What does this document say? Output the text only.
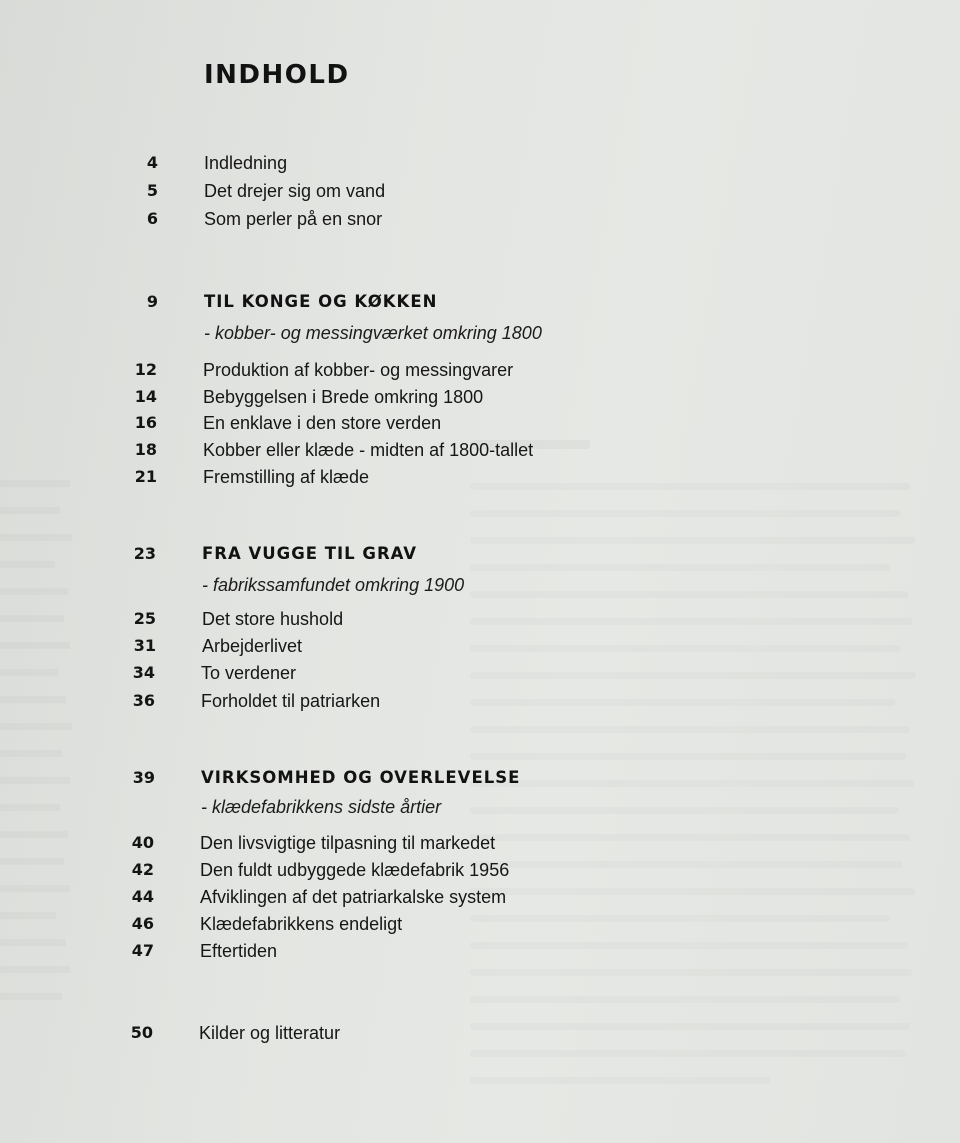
INDHOLD
4	Indledning
5	Det drejer sig om vand
6	Som perler på en snor
9	TIL KONGE OG KØKKEN
- kobber- og messingværket omkring 1800
12	Produktion af kobber- og messingvarer
14	Bebyggelsen i Brede omkring 1800
16	En enklave i den store verden
18	Kobber eller klæde - midten af 1800-tallet
21	Fremstilling af klæde
23	FRA VUGGE TIL GRAV
- fabrikssamfundet omkring 1900
25	Det store hushold
31	Arbejderlivet
34	To verdener
36	Forholdet til patriarken
39	VIRKSOMHED OG OVERLEVELSE
- klædefabrikkens sidste årtier
40	Den livsvigtige tilpasning til markedet
42	Den fuldt udbyggede klædefabrik 1956
44	Afviklingen af det patriarkalske system
46	Klædefabrikkens endeligt
47	Eftertiden
50	Kilder og litteratur
